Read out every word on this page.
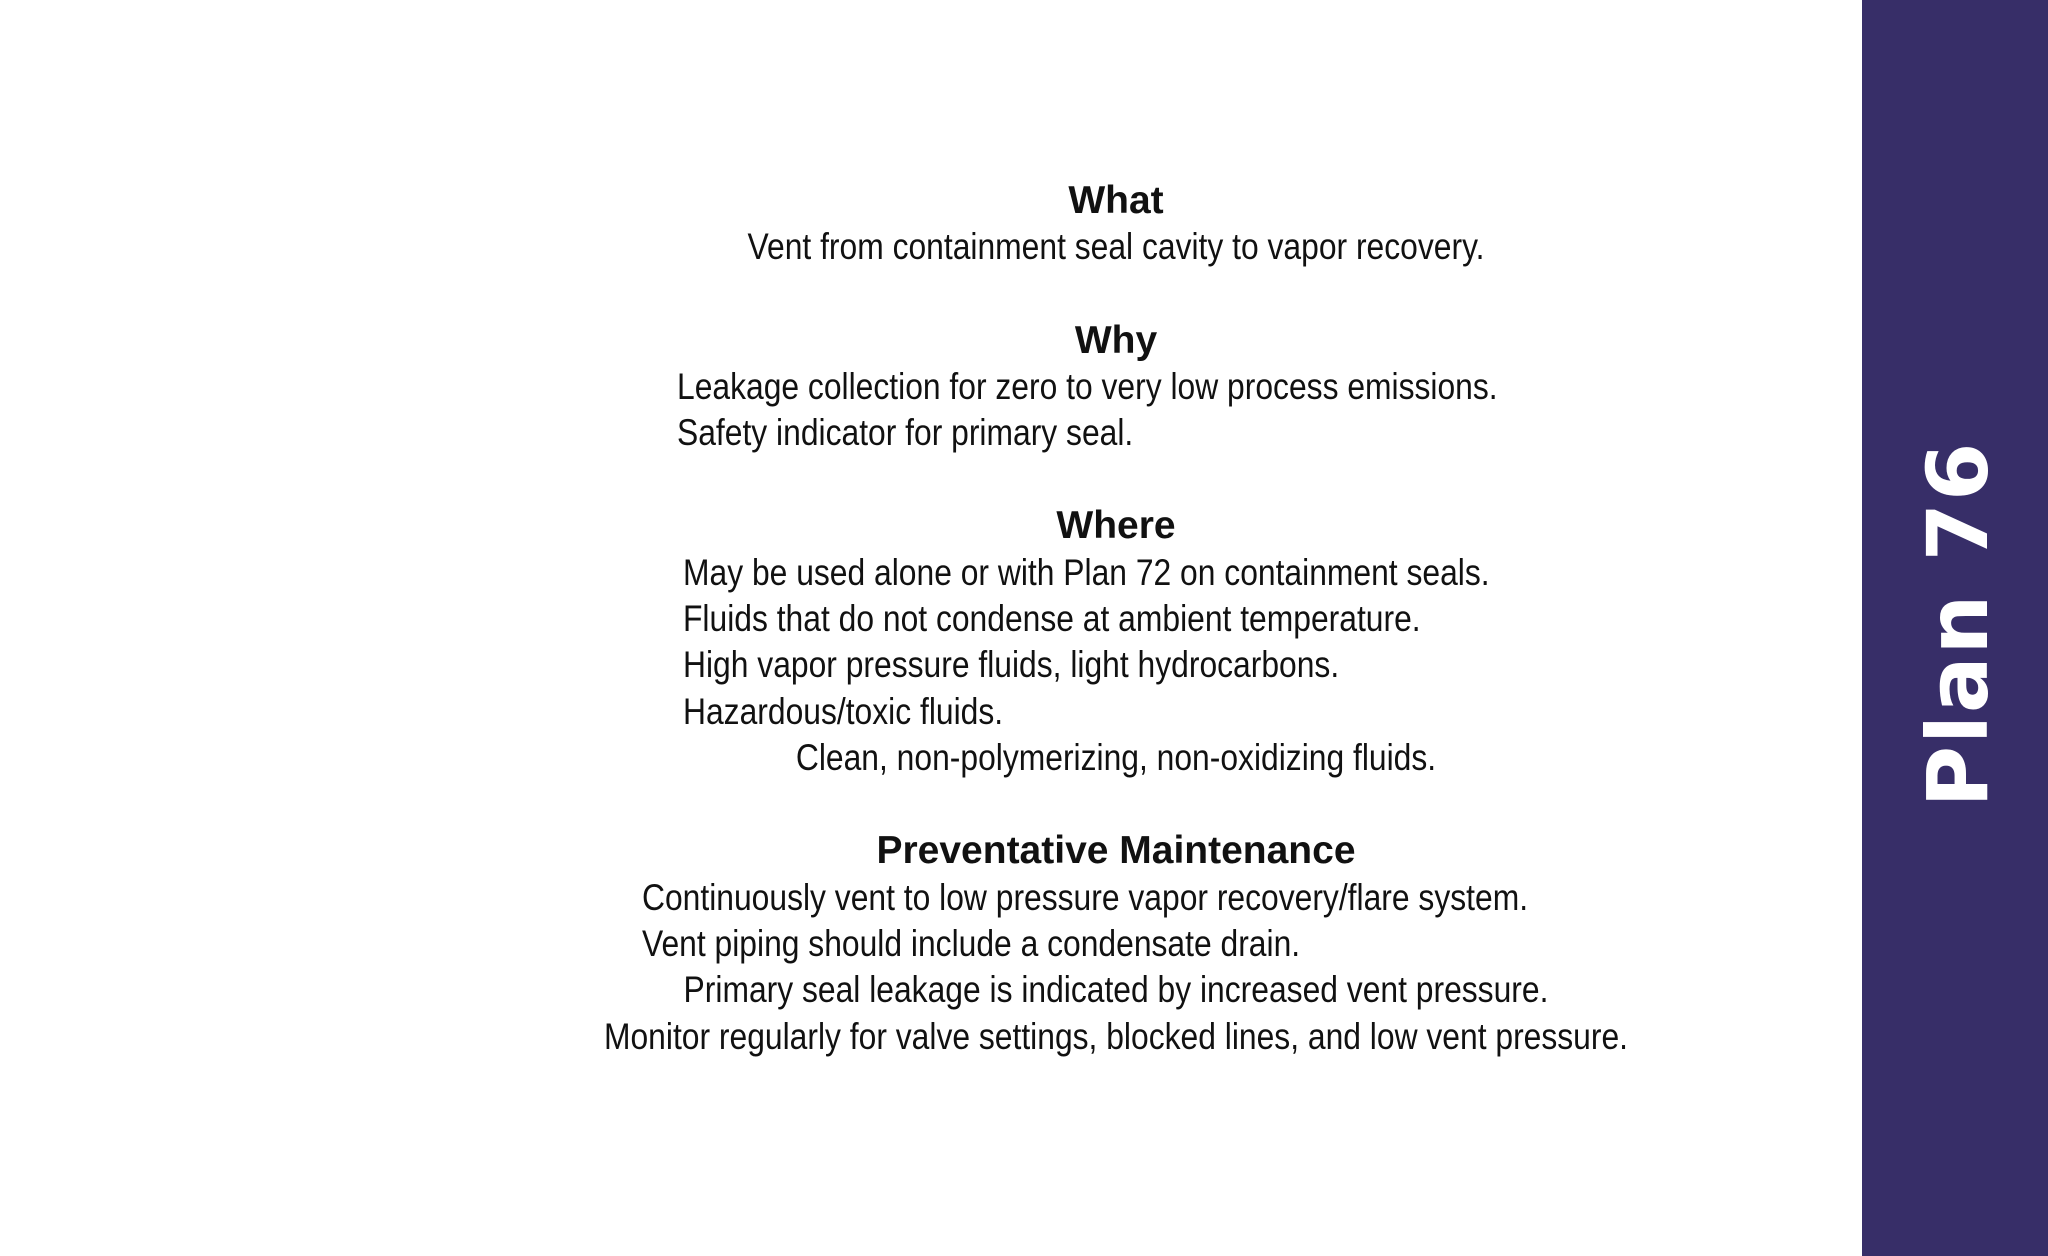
What
Vent from containment seal cavity to vapor recovery.
Why
Leakage collection for zero to very low process emissions.
Safety indicator for primary seal.
Where
May be used alone or with Plan 72 on containment seals.
Fluids that do not condense at ambient temperature.
High vapor pressure fluids, light hydrocarbons.
Hazardous/toxic fluids.
Clean, non-polymerizing, non-oxidizing fluids.
Preventative Maintenance
Continuously vent to low pressure vapor recovery/flare system.
Vent piping should include a condensate drain.
Primary seal leakage is indicated by increased vent pressure.
Monitor regularly for valve settings, blocked lines, and low vent pressure.
Plan 76
